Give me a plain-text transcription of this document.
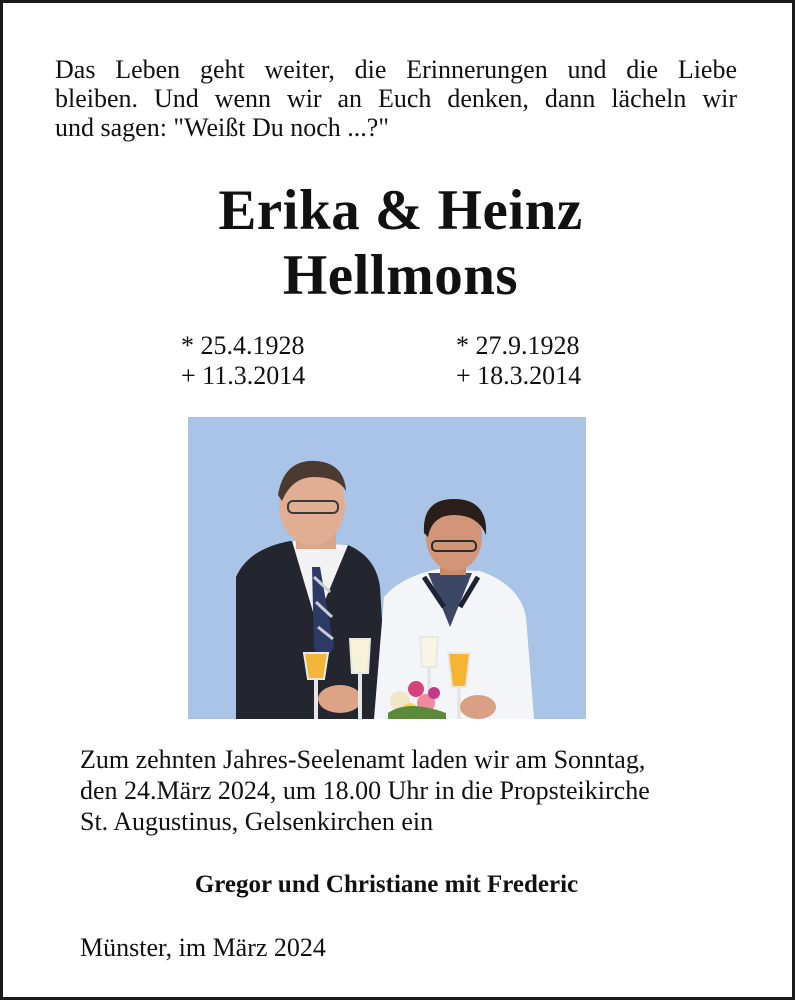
Das Leben geht weiter, die Erinnerungen und die Liebe
bleiben. Und wenn wir an Euch denken, dann lächeln wir
und sagen: "Weißt Du noch ...?"
Erika & Heinz
Hellmons
* 25.4.1928
+ 11.3.2014
* 27.9.1928
+ 18.3.2014
Zum zehnten Jahres-Seelenamt laden wir am Sonntag,
den 24.März 2024, um 18.00 Uhr in die Propsteikirche
St. Augustinus, Gelsenkirchen ein
Gregor und Christiane mit Frederic
Münster, im März 2024
